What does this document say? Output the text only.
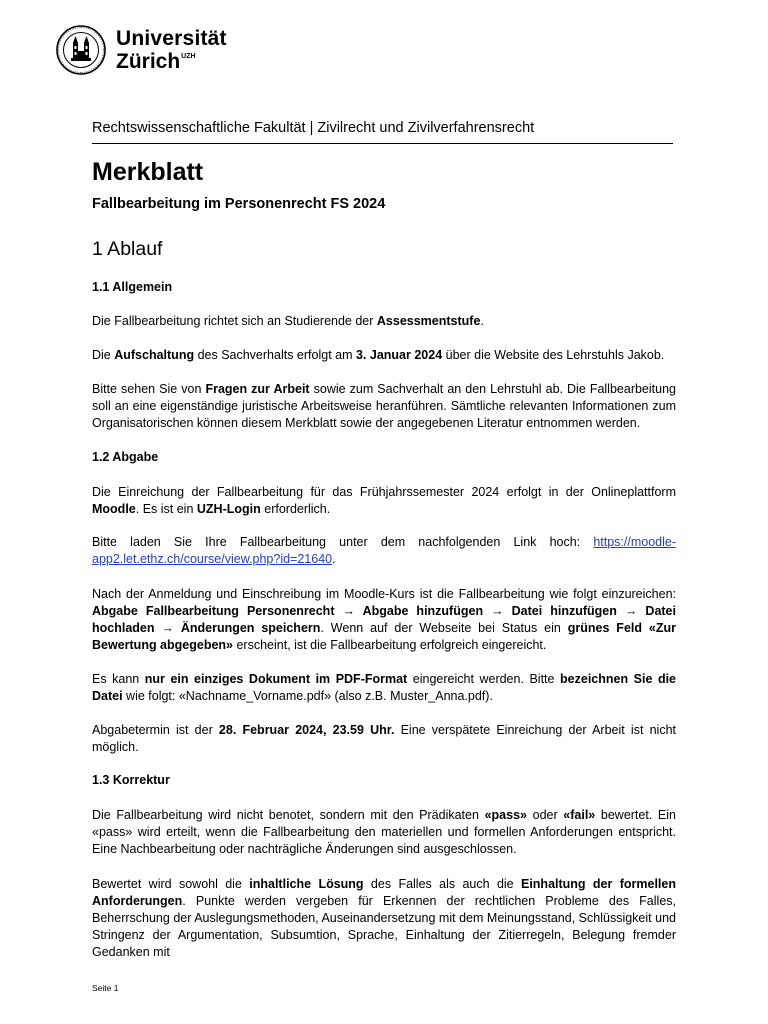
Universität
Zürich$^{UZH}$
Rechtswissenschaftliche Fakultät | Zivilrecht und Zivilverfahrensrecht
Merkblatt
Fallbearbeitung im Personenrecht FS 2024
1 Ablauf
1.1 Allgemein
Die Fallbearbeitung richtet sich an Studierende der Assessmentstufe.
Die Aufschaltung des Sachverhalts erfolgt am 3. Januar 2024 über die Website des Lehrstuhls Jakob.
Bitte sehen Sie von Fragen zur Arbeit sowie zum Sachverhalt an den Lehrstuhl ab. Die Fallbearbeitung soll an eine eigenständige juristische Arbeitsweise heranführen. Sämtliche relevanten Informationen zum Organisatorischen können diesem Merkblatt sowie der angegebenen Literatur entnommen werden.
1.2 Abgabe
Die Einreichung der Fallbearbeitung für das Frühjahrssemester 2024 erfolgt in der Onlineplattform Moodle. Es ist ein UZH-Login erforderlich.
Bitte laden Sie Ihre Fallbearbeitung unter dem nachfolgenden Link hoch: https://moodle-app2.let.ethz.ch/course/view.php?id=21640.
Nach der Anmeldung und Einschreibung im Moodle-Kurs ist die Fallbearbeitung wie folgt einzureichen: Abgabe Fallbearbeitung Personenrecht → Abgabe hinzufügen → Datei hinzufügen → Datei hochladen → Änderungen speichern. Wenn auf der Webseite bei Status ein grünes Feld «Zur Bewertung abgegeben» erscheint, ist die Fallbearbeitung erfolgreich eingereicht.
Es kann nur ein einziges Dokument im PDF-Format eingereicht werden. Bitte bezeichnen Sie die Datei wie folgt: «Nachname_Vorname.pdf» (also z.B. Muster_Anna.pdf).
Abgabetermin ist der 28. Februar 2024, 23.59 Uhr. Eine verspätete Einreichung der Arbeit ist nicht möglich.
1.3 Korrektur
Die Fallbearbeitung wird nicht benotet, sondern mit den Prädikaten «pass» oder «fail» bewertet. Ein «pass» wird erteilt, wenn die Fallbearbeitung den materiellen und formellen Anforderungen entspricht. Eine Nachbearbeitung oder nachträgliche Änderungen sind ausgeschlossen.
Bewertet wird sowohl die inhaltliche Lösung des Falles als auch die Einhaltung der formellen Anforderungen. Punkte werden vergeben für Erkennen der rechtlichen Probleme des Falles, Beherrschung der Auslegungsmethoden, Auseinandersetzung mit dem Meinungsstand, Schlüssigkeit und Stringenz der Argumentation, Subsumtion, Sprache, Einhaltung der Zitierregeln, Belegung fremder Gedanken mit
Seite 1
